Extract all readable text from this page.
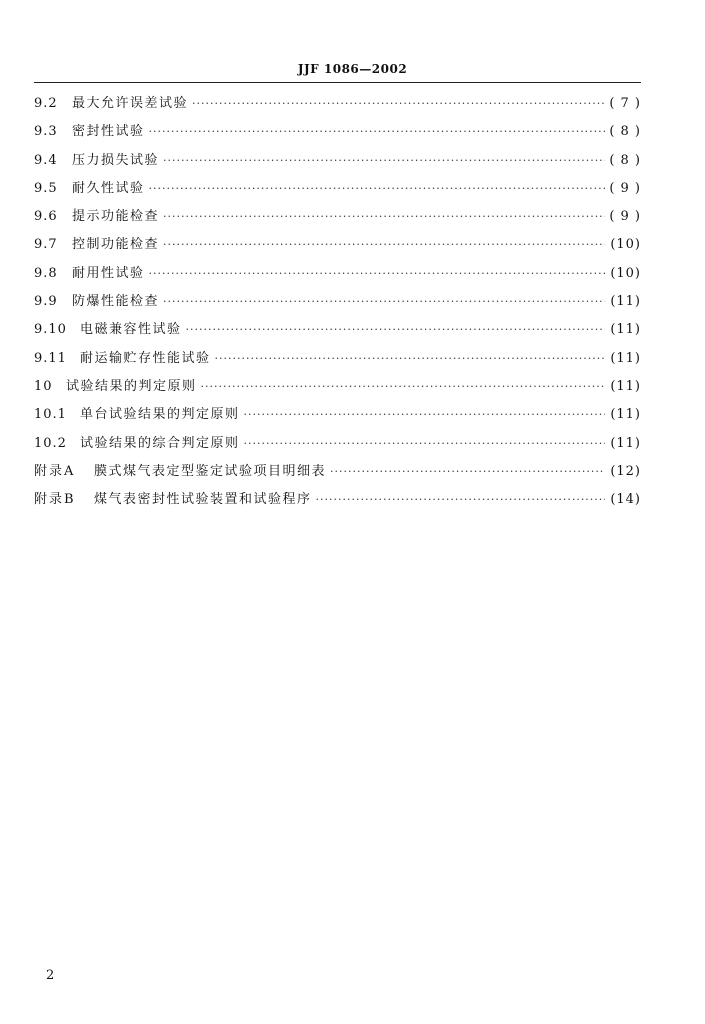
JJF 1086—2002
9.2	最大允许误差试验 ·····	( 7 )
9.3	密封性试验 ·····	( 8 )
9.4	压力损失试验 ·····	( 8 )
9.5	耐久性试验 ·····	( 9 )
9.6	提示功能检查 ·····	( 9 )
9.7	控制功能检查 ·····	(10)
9.8	耐用性试验 ·····	(10)
9.9	防爆性能检查 ·····	(11)
9.10	电磁兼容性试验 ·····	(11)
9.11	耐运输贮存性能试验 ·····	(11)
10	试验结果的判定原则 ·····	(11)
10.1	单台试验结果的判定原则 ·····	(11)
10.2	试验结果的综合判定原则 ·····	(11)
附录A	膜式煤气表定型鉴定试验项目明细表 ·····	(12)
附录B	煤气表密封性试验装置和试验程序 ·····	(14)
2
